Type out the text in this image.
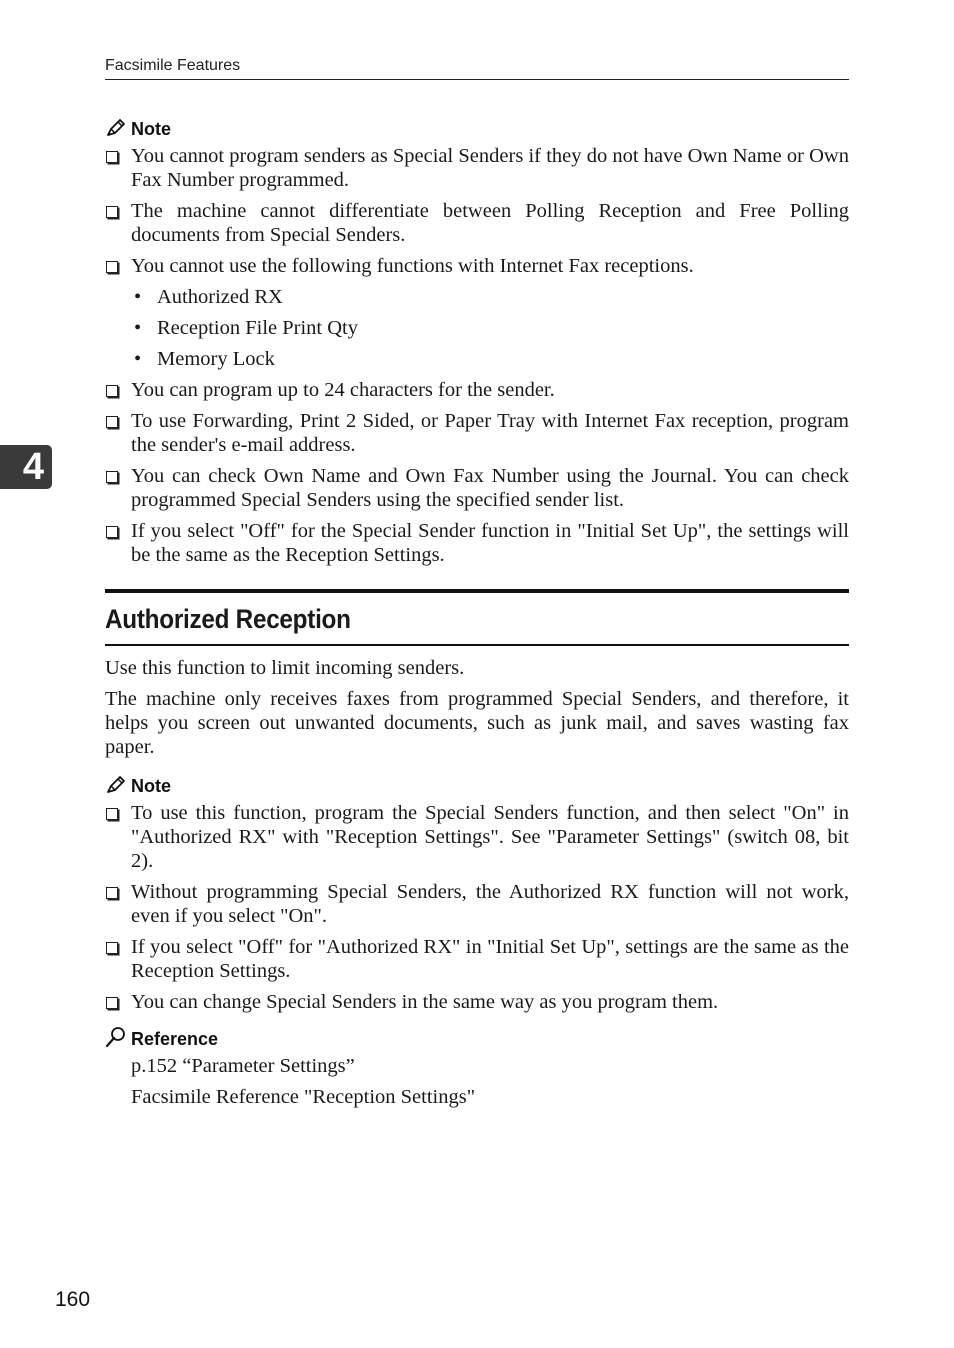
Facsimile Features
4
Note
You cannot program senders as Special Senders if they do not have Own Name or Own Fax Number programmed.
The machine cannot differentiate between Polling Reception and Free Polling documents from Special Senders.
You cannot use the following functions with Internet Fax receptions.
• Authorized RX
• Reception File Print Qty
• Memory Lock
You can program up to 24 characters for the sender.
To use Forwarding, Print 2 Sided, or Paper Tray with Internet Fax reception, program the sender's e-mail address.
You can check Own Name and Own Fax Number using the Journal. You can check programmed Special Senders using the specified sender list.
If you select "Off" for the Special Sender function in "Initial Set Up", the settings will be the same as the Reception Settings.
Authorized Reception

Use this function to limit incoming senders.

The machine only receives faxes from programmed Special Senders, and therefore, it helps you screen out unwanted documents, such as junk mail, and saves wasting fax paper.

Note
To use this function, program the Special Senders function, and then select "On" in "Authorized RX" with "Reception Settings". See "Parameter Settings" (switch 08, bit 2).
Without programming Special Senders, the Authorized RX function will not work, even if you select "On".
If you select "Off" for "Authorized RX" in "Initial Set Up", settings are the same as the Reception Settings.
You can change Special Senders in the same way as you program them.
Reference
p.152 “Parameter Settings”
Facsimile Reference "Reception Settings"
160
